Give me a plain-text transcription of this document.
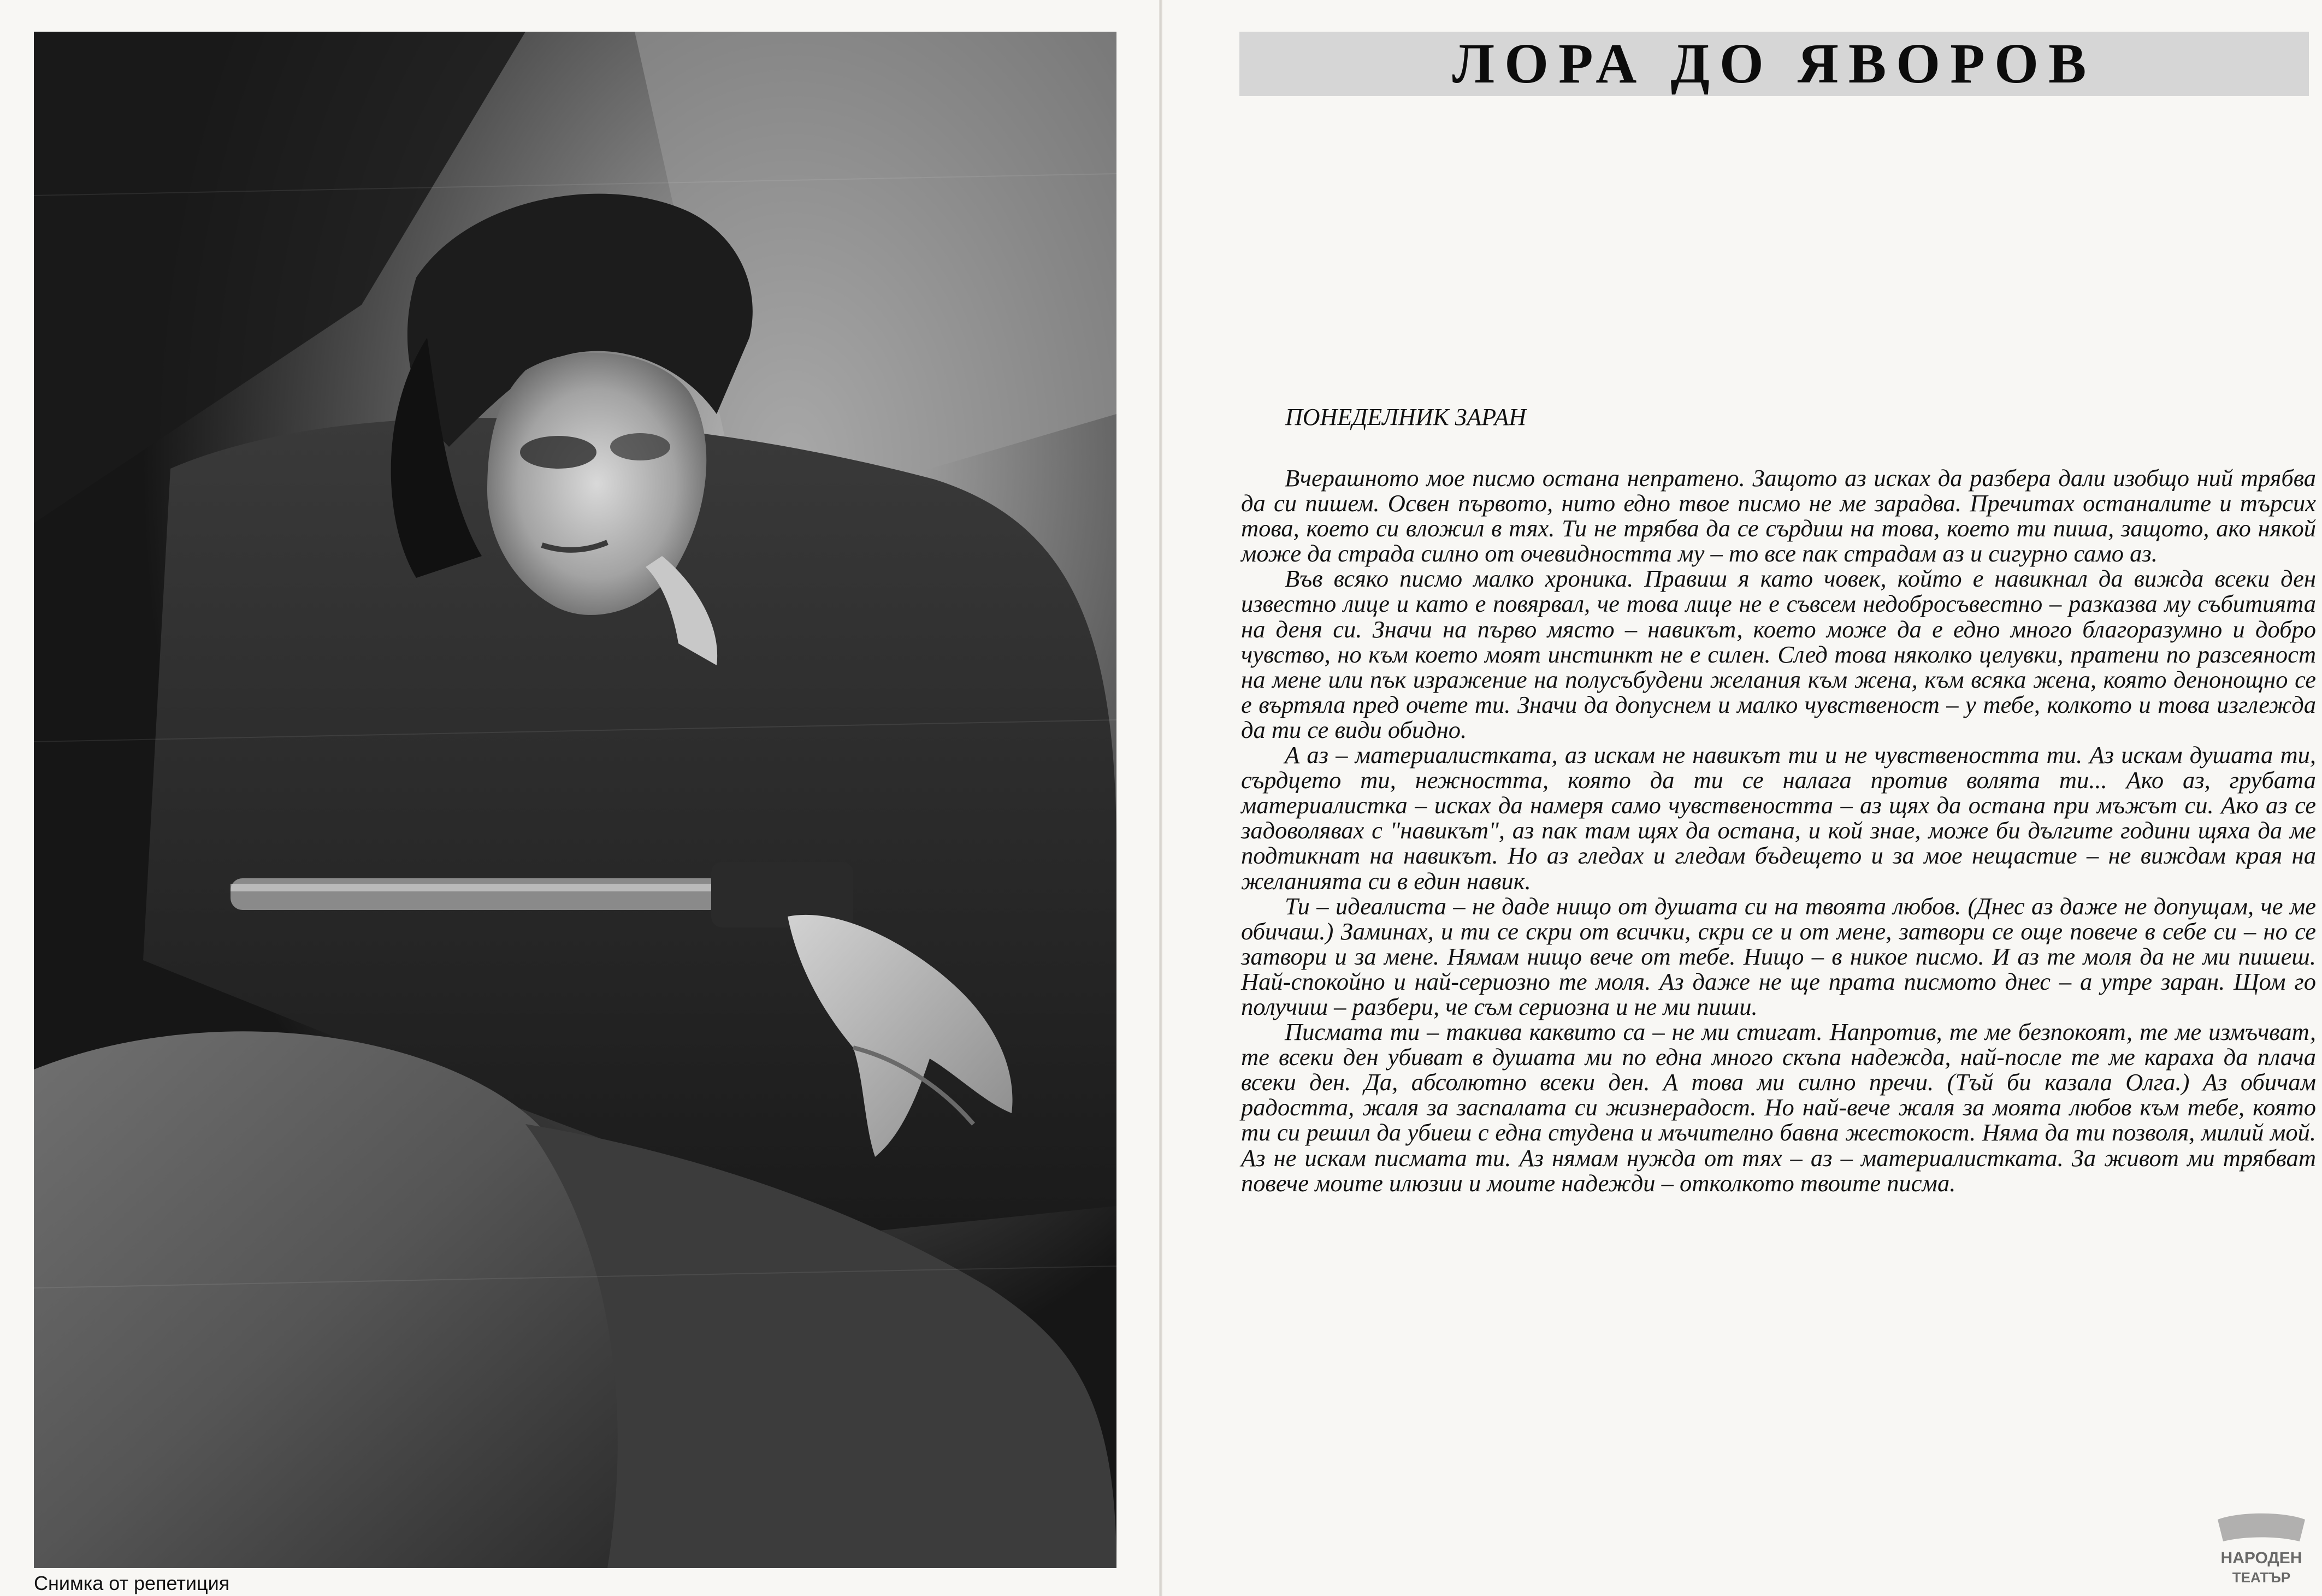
Снимка от репетиция
ЛОРА ДО ЯВОРОВ
ПОНЕДЕЛНИК ЗАРАН

Вчерашното мое писмо остана непратено. Защото аз исках да разбера дали изобщо ний трябва да си пишем. Освен първото, нито едно твое писмо не ме зарадва. Пречитах останалите и търсих това, което си вложил в тях. Ти не трябва да се сърдиш на това, което ти пиша, защото, ако някой може да страда силно от очевидността му – то все пак страдам аз и сигурно само аз.

Във всяко писмо малко хроника. Правиш я като човек, който е навикнал да вижда всеки ден известно лице и като е повярвал, че това лице не е съвсем недобросъвестно – разказва му събитията на деня си. Значи на първо място – навикът, което може да е едно много благоразумно и добро чувство, но към което моят инстинкт не е силен. След това няколко целувки, пратени по разсеяност на мене или пък изражение на полусъбудени желания към жена, към всяка жена, която денонощно се е въртяла пред очете ти. Значи да допуснем и малко чувственост – у тебе, колкото и това изглежда да ти се види обидно.

А аз – материалистката, аз искам не навикът ти и не чувствеността ти. Аз искам душата ти, сърдцето ти, нежността, която да ти се налага против волята ти... Ако аз, грубата материалистка – исках да намеря само чувствеността – аз щях да остана при мъжът си. Ако аз се задоволявах с "навикът", аз пак там щях да остана, и кой знае, може би дългите години щяха да ме подтикнат на навикът. Но аз гледах и гледам бъдещето и за мое нещастие – не виждам края на желанията си в един навик.

Ти – идеалиста – не даде нищо от душата си на твоята любов. (Днес аз даже не допущам, че ме обичаш.) Заминах, и ти се скри от всички, скри се и от мене, затвори се още повече в себе си – но се затвори и за мене. Нямам нищо вече от тебе. Нищо – в никое писмо. И аз те моля да не ми пишеш. Най-спокойно и най-сериозно те моля. Аз даже не ще прата писмото днес – а утре заран. Щом го получиш – разбери, че съм сериозна и не ми пиши.

Писмата ти – такива каквито са – не ми стигат. Напротив, те ме безпокоят, те ме измъчват, те всеки ден убиват в душата ми по една много скъпа надежда, най-после те ме караха да плача всеки ден. Да, абсолютно всеки ден. А това ми силно пречи. (Тъй би казала Олга.) Аз обичам радостта, жаля за заспалата си жизнерадост. Но най-вече жаля за моята любов към тебе, която ти си решил да убиеш с една студена и мъчително бавна жестокост. Няма да ти позволя, милий мой. Аз не искам писмата ти. Аз нямам нужда от тях – аз – материалистката. За живот ми трябват повече моите илюзии и моите надежди – отколкото твоите писма.

НАРОДЕН
ТЕАТЪР
